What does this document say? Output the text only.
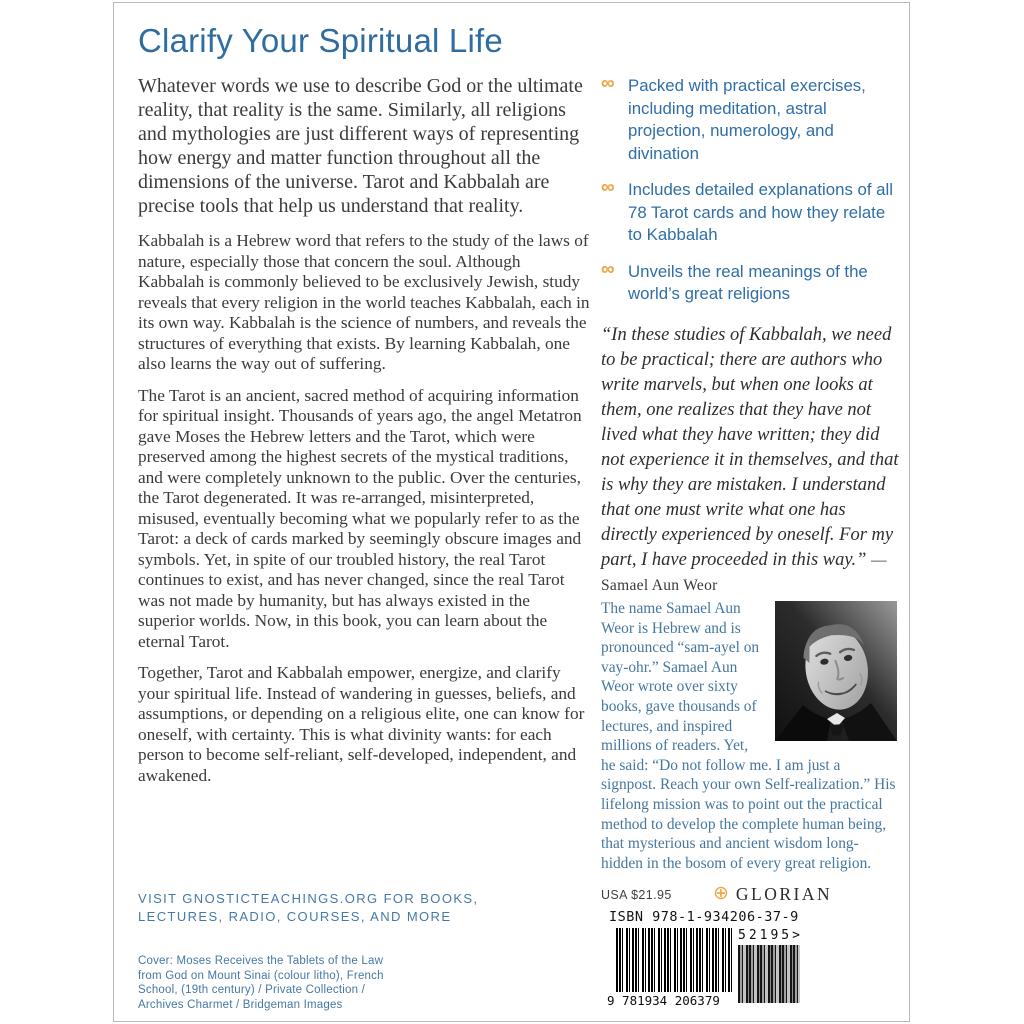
Clarify Your Spiritual Life

Whatever words we use to describe God or the ultimate reality, that reality is the same. Similarly, all religions and mythologies are just different ways of representing how energy and matter function throughout all the dimensions of the universe. Tarot and Kabbalah are precise tools that help us understand that reality.

Kabbalah is a Hebrew word that refers to the study of the laws of nature, especially those that concern the soul. Although Kabbalah is commonly believed to be exclusively Jewish, study reveals that every religion in the world teaches Kabbalah, each in its own way. Kabbalah is the science of numbers, and reveals the structures of everything that exists. By learning Kabbalah, one also learns the way out of suffering.

The Tarot is an ancient, sacred method of acquiring information for spiritual insight. Thousands of years ago, the angel Metatron gave Moses the Hebrew letters and the Tarot, which were preserved among the highest secrets of the mystical traditions, and were completely unknown to the public. Over the centuries, the Tarot degenerated. It was re-arranged, misinterpreted, misused, eventually becoming what we popularly refer to as the Tarot: a deck of cards marked by seemingly obscure images and symbols. Yet, in spite of our troubled history, the real Tarot continues to exist, and has never changed, since the real Tarot was not made by humanity, but has always existed in the superior worlds. Now, in this book, you can learn about the eternal Tarot.

Together, Tarot and Kabbalah empower, energize, and clarify your spiritual life. Instead of wandering in guesses, beliefs, and assumptions, or depending on a religious elite, one can know for oneself, with certainty. This is what divinity wants: for each person to become self-reliant, self-developed, independent, and awakened.

VISIT GNOSTICTEACHINGS.ORG FOR BOOKS,
LECTURES, RADIO, COURSES, AND MORE
Cover: Moses Receives the Tablets of the Law
from God on Mount Sinai (colour litho), French
School, (19th century) / Private Collection /
Archives Charmet / Bridgeman Images
∞ Packed with practical exercises, including meditation, astral projection, numerology, and divination
∞ Includes detailed explanations of all 78 Tarot cards and how they relate to Kabbalah
∞ Unveils the real meanings of the world’s great religions

“In these studies of Kabbalah, we need to be practical; there are authors who write marvels, but when one looks at them, one realizes that they have not lived what they have written; they did not experience it in themselves, and that is why they are mistaken. I understand that one must write what one has directly experienced by oneself. For my part, I have proceeded in this way.” —Samael Aun Weor

The name Samael Aun Weor is Hebrew and is pronounced “sam-ayel on vay-ohr.” Samael Aun Weor wrote over sixty books, gave thousands of lectures, and inspired millions of readers. Yet, he said: “Do not follow me. I am just a signpost. Reach your own Self-realization.” His lifelong mission was to point out the practical method to develop the complete human being, that mysterious and ancient wisdom long-hidden in the bosom of every great religion.

USA $21.95 ⊕ GLORIAN
ISBN 978-1-934206-37-9
9 781934 206379
52195>
